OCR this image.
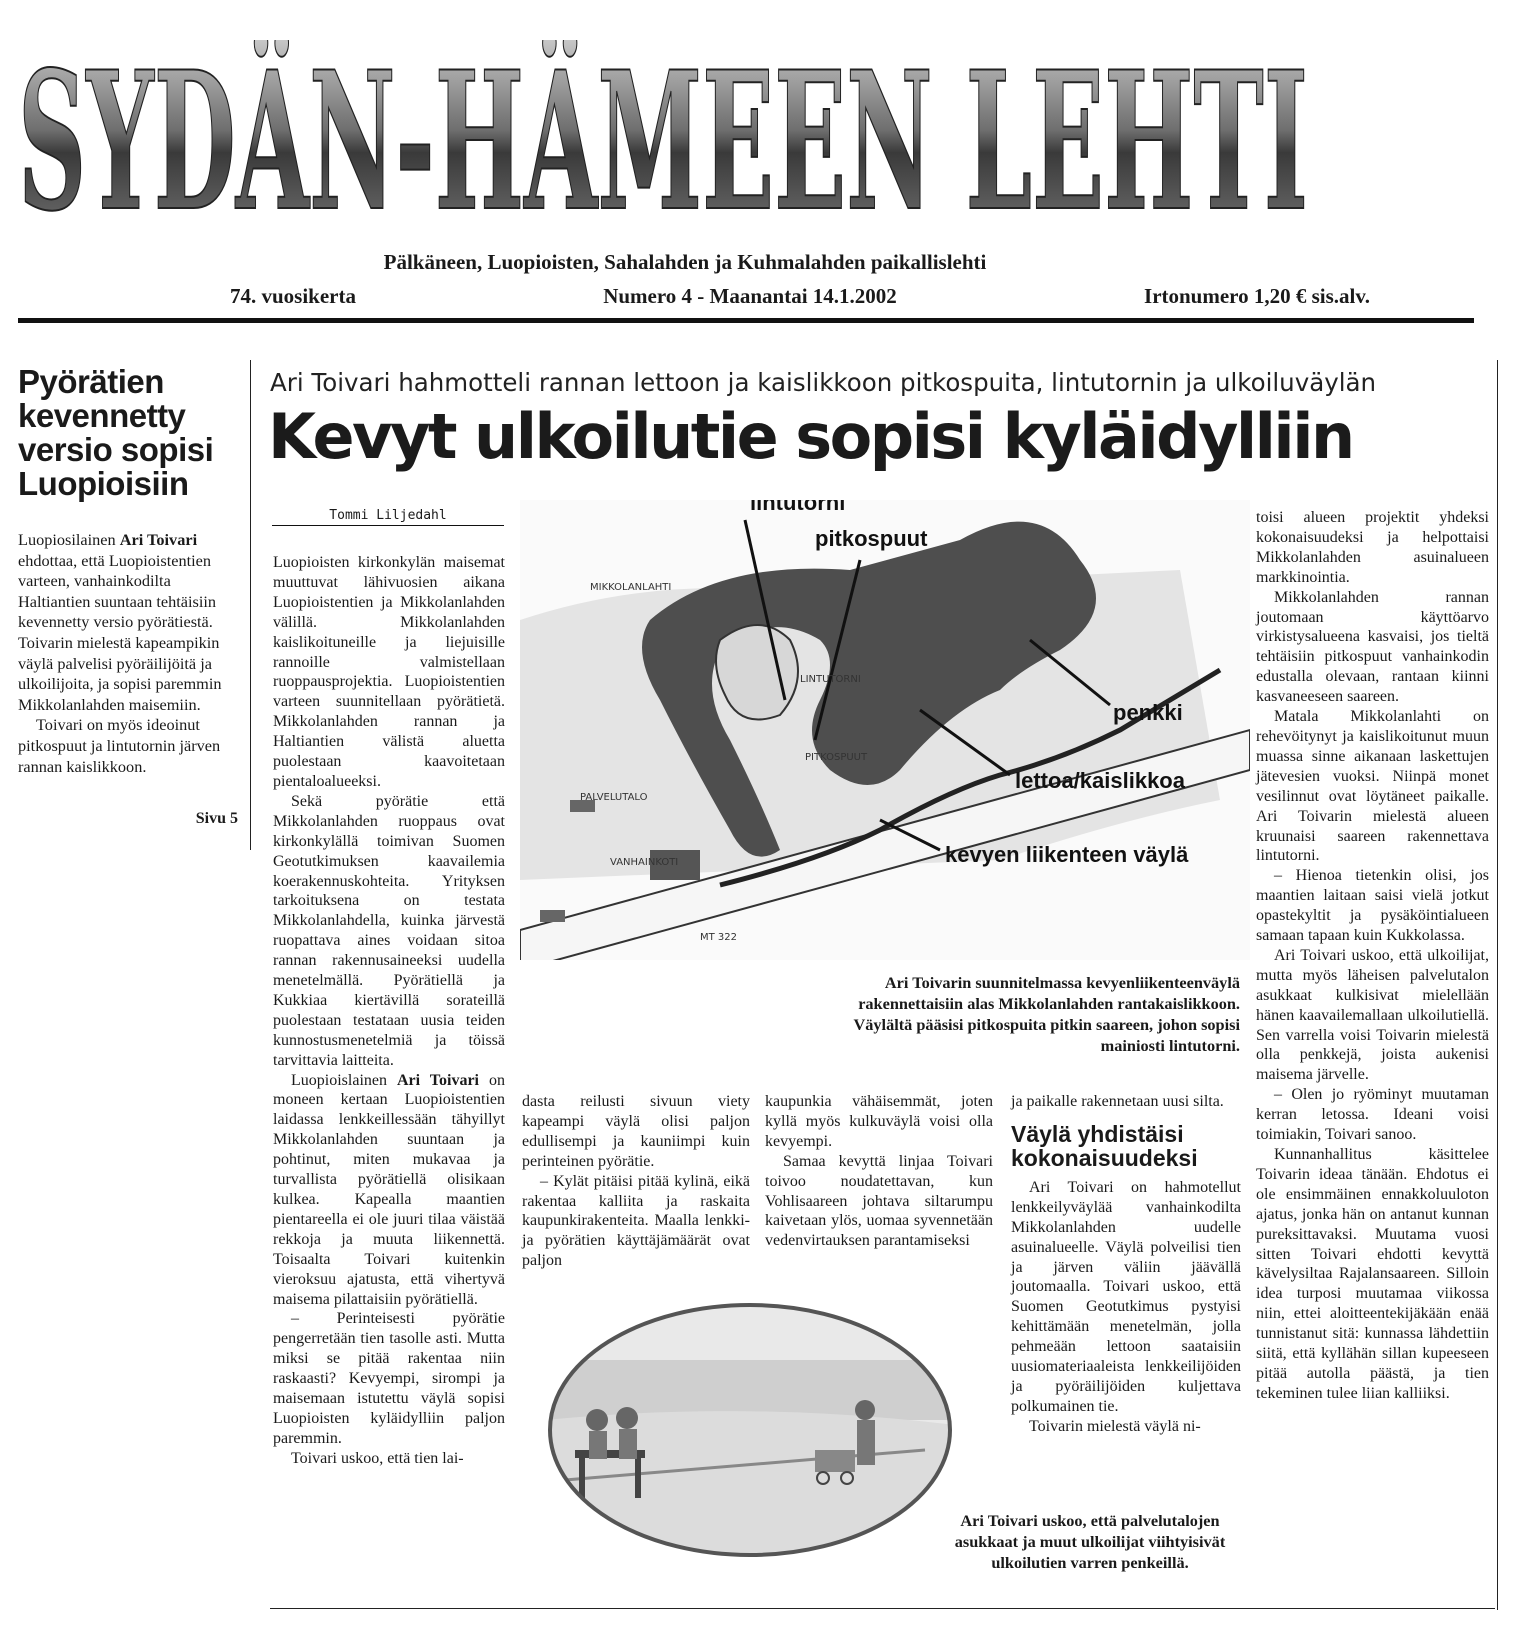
SYDÄN-HÄMEEN LEHTI
Pälkäneen, Luopioisten, Sahalahden ja Kuhmalahden paikallislehti
74. vuosikerta	Numero 4 - Maanantai 14.1.2002	Irtonumero 1,20 € sis.alv.
Pyörätien kevennetty versio sopisi Luopioisiin

Luopiosilainen Ari Toivari ehdottaa, että Luopioistentien varteen, vanhainkodilta Haltiantien suuntaan tehtäisiin kevennetty versio pyörätiestä. Toivarin mielestä kapeampikin väylä palvelisi pyöräilijöitä ja ulkoilijoita, ja sopisi paremmin Mikkolanlahden maisemiin.

Toivari on myös ideoinut pitkospuut ja lintutornin järven rannan kaislikkoon.

Sivu 5
Ari Toivari hahmotteli rannan lettoon ja kaislikkoon pitkospuita, lintutornin ja ulkoiluväylän
Kevyt ulkoilutie sopisi kyläidylliin
Tommi Liljedahl
lintutorni
pitkospuut
penkki
lettoa/kaislikkoa
kevyen liikenteen väylä
MIKKOLANLAHTI
PALVELUTALO
VANHAINKOTI
MT 322
LINTUTORNI
PITKOSPUUT
Ari Toivarin suunnitelmassa kevyenliikenteenväylä rakennettaisiin alas Mikkolanlahden rantakaislikkoon. Väylältä pääsisi pitkospuita pitkin saareen, johon sopisi mainiosti lintutorni.

Luopioisten kirkonkylän maisemat muuttuvat lähivuosien aikana Luopioistentien ja Mikkolanlahden välillä. Mikkolanlahden kaislikoituneille ja liejuisille rannoille valmistellaan ruoppausprojektia. Luopioistentien varteen suunnitellaan pyörätietä. Mikkolanlahden rannan ja Haltiantien välistä aluetta puolestaan kaavoitetaan pientaloalueeksi.

Sekä pyörätie että Mikkolanlahden ruoppaus ovat kirkonkylällä toimivan Suomen Geotutkimuksen kaavailemia koerakennuskohteita. Yrityksen tarkoituksena on testata Mikkolanlahdella, kuinka järvestä ruopattava aines voidaan sitoa rannan rakennusaineeksi uudella menetelmällä. Pyörätiellä ja Kukkiaa kiertävillä sorateillä puolestaan testataan uusia teiden kunnostusmenetelmiä ja töissä tarvittavia laitteita.

Luopioislainen Ari Toivari on moneen kertaan Luopioistentien laidassa lenkkeillessään tähyillyt Mikkolanlahden suuntaan ja pohtinut, miten mukavaa ja turvallista pyörätiellä olisikaan kulkea. Kapealla maantien pientareella ei ole juuri tilaa väistää rekkoja ja muuta liikennettä. Toisaalta Toivari kuitenkin vieroksuu ajatusta, että vihertyvä maisema pilattaisiin pyörätiellä.

– Perinteisesti pyörätie pengerretään tien tasolle asti. Mutta miksi se pitää rakentaa niin raskaasti? Kevyempi, sirompi ja maisemaan istutettu väylä sopisi Luopioisten kyläidylliin paljon paremmin.

Toivari uskoo, että tien lai-

dasta reilusti sivuun viety kapeampi väylä olisi paljon edullisempi ja kauniimpi kuin perinteinen pyörätie.

– Kylät pitäisi pitää kylinä, eikä rakentaa kalliita ja raskaita kaupunkirakenteita. Maalla lenkki- ja pyörätien käyttäjämäärät ovat paljon

kaupunkia vähäisemmät, joten kyllä myös kulkuväylä voisi olla kevyempi.

Samaa kevyttä linjaa Toivari toivoo noudatettavan, kun Vohlisaareen johtava siltarumpu kaivetaan ylös, uomaa syvennetään vedenvirtauksen parantamiseksi

ja paikalle rakennetaan uusi silta.

Väylä yhdistäisi kokonaisuudeksi

Ari Toivari on hahmotellut lenkkeilyväylää vanhainkodilta Mikkolanlahden uudelle asuinalueelle. Väylä polveilisi tien ja järven väliin jäävällä joutomaalla. Toivari uskoo, että Suomen Geotutkimus pystyisi kehittämään menetelmän, jolla pehmeään lettoon saataisiin uusiomateriaaleista lenkkeilijöiden ja pyöräilijöiden kuljettava polkumainen tie.

Toivarin mielestä väylä ni-

toisi alueen projektit yhdeksi kokonaisuudeksi ja helpottaisi Mikkolanlahden asuinalueen markkinointia.

Mikkolanlahden rannan joutomaan käyttöarvo virkistysalueena kasvaisi, jos tieltä tehtäisiin pitkospuut vanhainkodin edustalla olevaan, rantaan kiinni kasvaneeseen saareen.

Matala Mikkolanlahti on rehevöitynyt ja kaislikoitunut muun muassa sinne aikanaan laskettujen jätevesien vuoksi. Niinpä monet vesilinnut ovat löytäneet paikalle. Ari Toivarin mielestä alueen kruunaisi saareen rakennettava lintutorni.

– Hienoa tietenkin olisi, jos maantien laitaan saisi vielä jotkut opastekyltit ja pysäköintialueen samaan tapaan kuin Kukkolassa.

Ari Toivari uskoo, että ulkoilijat, mutta myös läheisen palvelutalon asukkaat kulkisivat mielellään hänen kaavailemallaan ulkoilutiellä. Sen varrella voisi Toivarin mielestä olla penkkejä, joista aukenisi maisema järvelle.

– Olen jo ryöminyt muutaman kerran letossa. Ideani voisi toimiakin, Toivari sanoo.

Kunnanhallitus käsittelee Toivarin ideaa tänään. Ehdotus ei ole ensimmäinen ennakkoluuloton ajatus, jonka hän on antanut kunnan pureksittavaksi. Muutama vuosi sitten Toivari ehdotti kevyttä kävelysiltaa Rajalansaareen. Silloin idea turposi muutamaa viikossa niin, ettei aloitteentekijäkään enää tunnistanut sitä: kunnassa lähdettiin siitä, että kyllähän sillan kupeeseen pitää autolla päästä, ja tien tekeminen tulee liian kalliiksi.

Ari Toivari uskoo, että palvelutalojen asukkaat ja muut ulkoilijat viihtyisivät ulkoilutien varren penkeillä.
